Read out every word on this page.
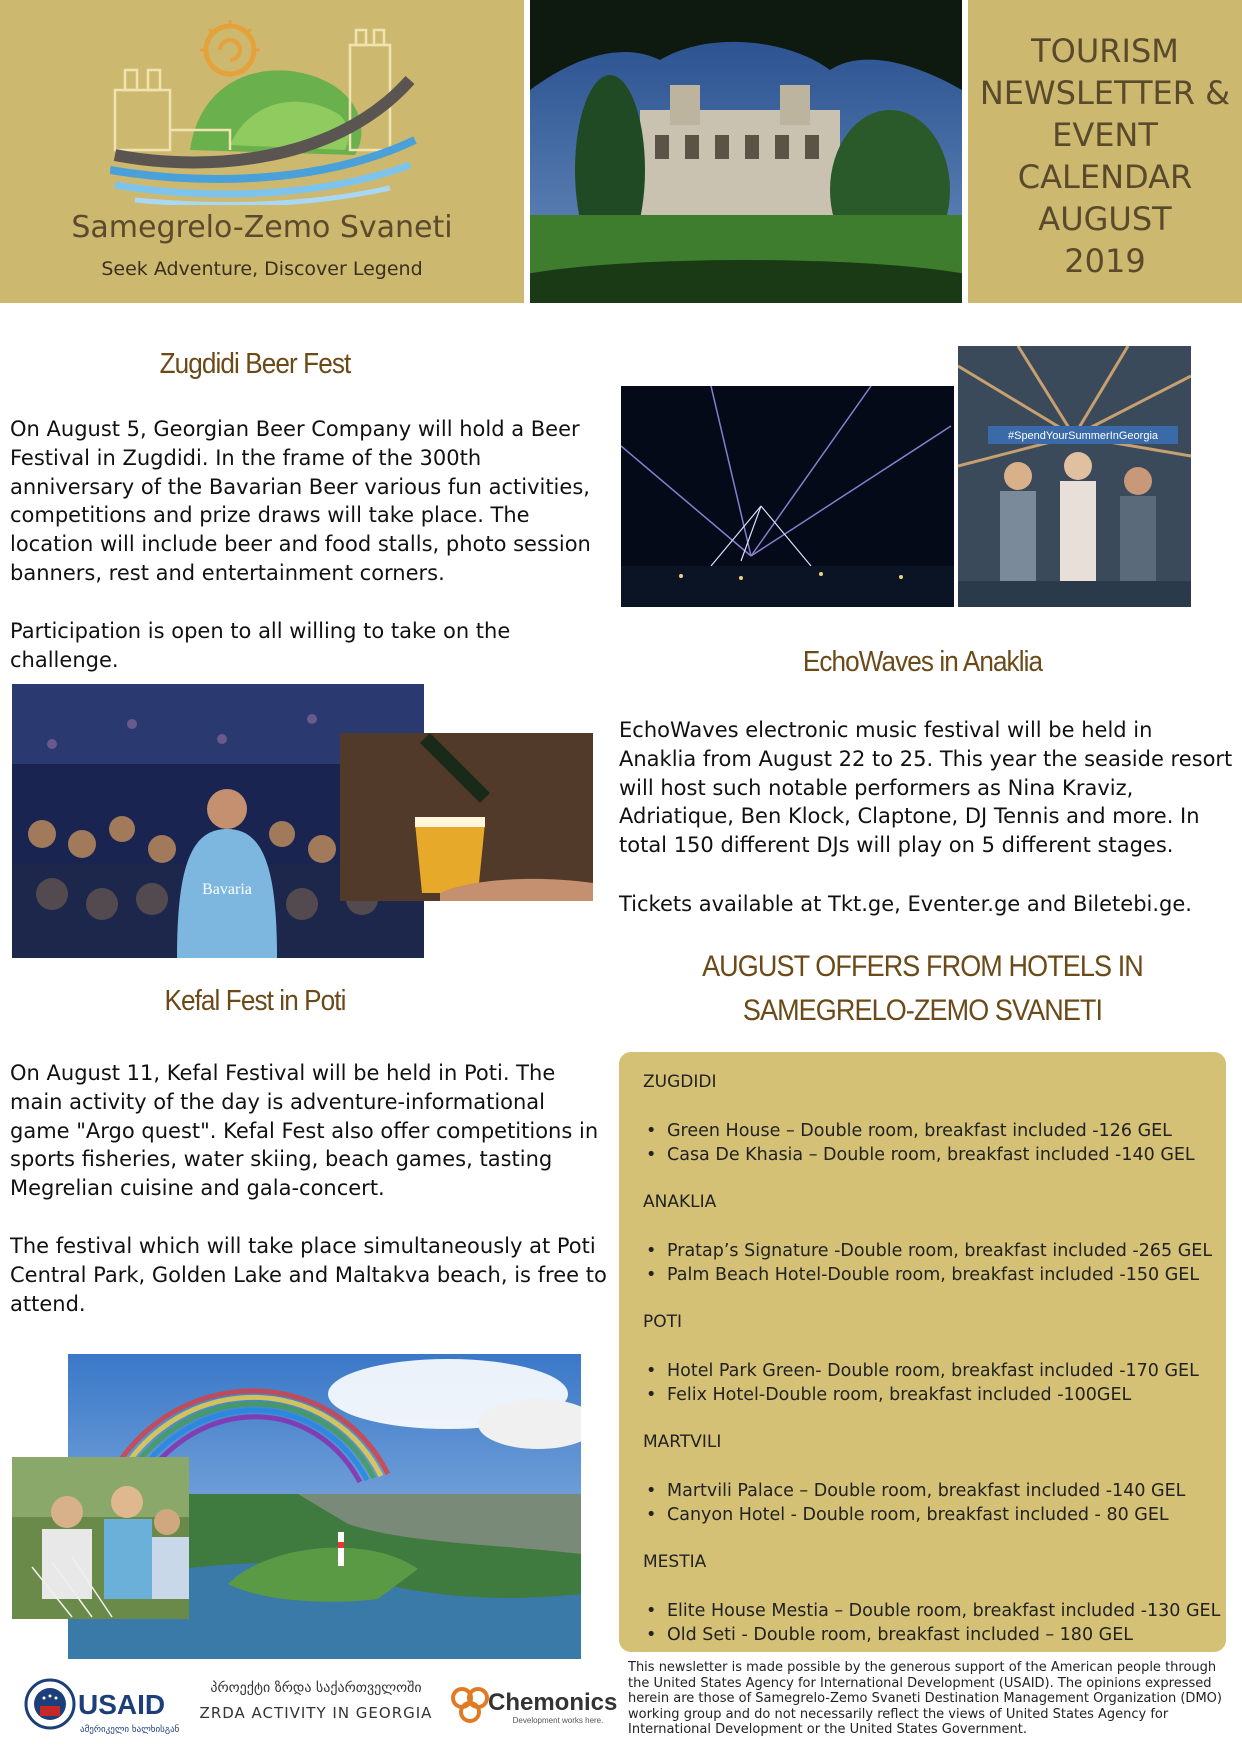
Samegrelo-Zemo Svaneti
Seek Adventure, Discover Legend
TOURISM
NEWSLETTER &
EVENT
CALENDAR
AUGUST
2019
Zugdidi Beer Fest
On August 5, Georgian Beer Company will hold a Beer Festival in Zugdidi. In the frame of the 300th anniversary of the Bavarian Beer various fun activities, competitions and prize draws will take place. The location will include beer and food stalls, photo session banners, rest and entertainment corners.
Participation is open to all willing to take on the challenge.
Bavaria
Kefal Fest in Poti
On August 11, Kefal Festival will be held in Poti. The main activity of the day is adventure-informational game "Argo quest". Kefal Fest also offer competitions in sports fisheries, water skiing, beach games, tasting Megrelian cuisine and gala-concert.
The festival which will take place simultaneously at Poti Central Park, Golden Lake and Maltakva beach, is free to attend.
#SpendYourSummerInGeorgia
EchoWaves in Anaklia
EchoWaves electronic music festival will be held in Anaklia from August 22 to 25. This year the seaside resort will host such notable performers as Nina Kraviz, Adriatique, Ben Klock, Claptone, DJ Tennis and more. In total 150 different DJs will play on 5 different stages.
Tickets available at Tkt.ge, Eventer.ge and Biletebi.ge.
AUGUST OFFERS FROM HOTELS IN
SAMEGRELO-ZEMO SVANETI
ZUGDIDI
• Green House – Double room, breakfast included -126 GEL
• Casa De Khasia – Double room, breakfast included -140 GEL
ANAKLIA
• Pratap’s Signature -Double room, breakfast included -265 GEL
• Palm Beach Hotel-Double room, breakfast included -150 GEL
POTI
• Hotel Park Green- Double room, breakfast included -170 GEL
• Felix Hotel-Double room, breakfast included -100GEL
MARTVILI
• Martvili Palace – Double room, breakfast included -140 GEL
• Canyon Hotel - Double room, breakfast included - 80 GEL
MESTIA
• Elite House Mestia – Double room, breakfast included -130 GEL
• Old Seti - Double room, breakfast included – 180 GEL
USAID
ამერიკელი ხალხისგან
პროექტი ზრდა საქართველოში
ZRDA ACTIVITY IN GEORGIA	Chemonics
Development works here.
This newsletter is made possible by the generous support of the American people through the United States Agency for International Development (USAID). The opinions expressed herein are those of Samegrelo-Zemo Svaneti Destination Management Organization (DMO) working group and do not necessarily reflect the views of United States Agency for International Development or the United States Government.
